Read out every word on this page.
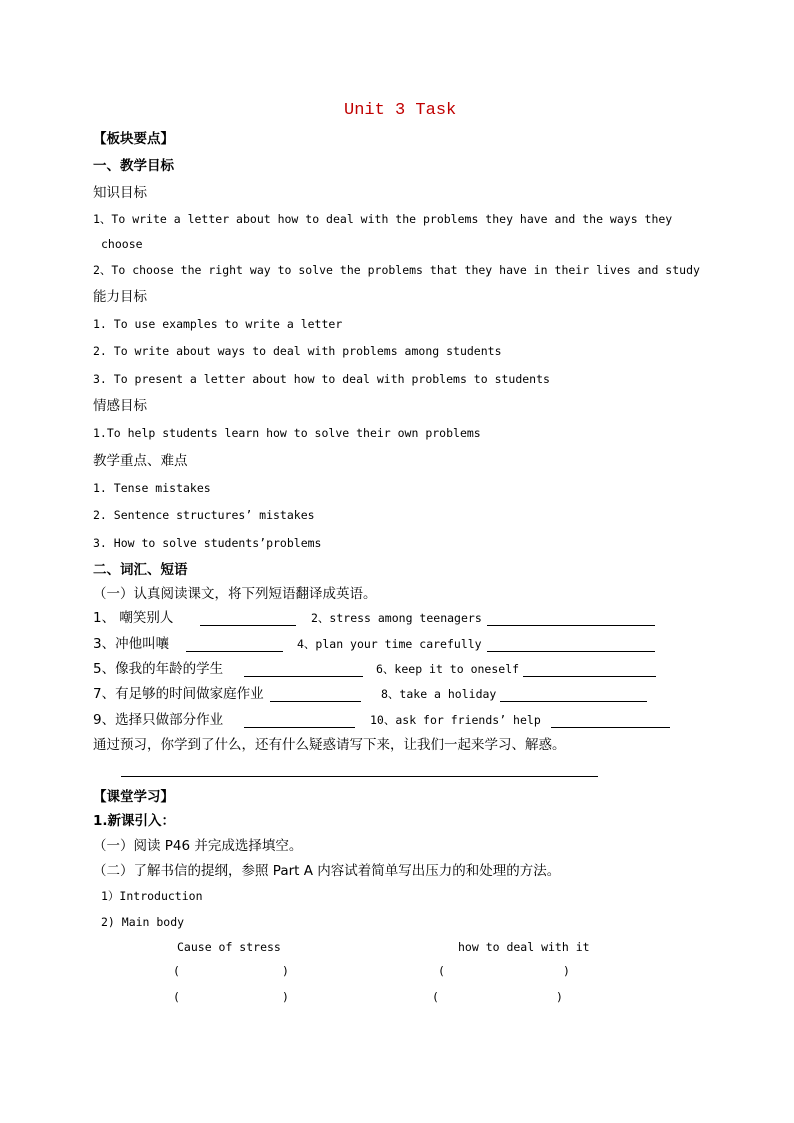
Unit 3 Task
【板块要点】
一、教学目标
知识目标
1、To write a letter about how to deal with the problems they have and the ways they
choose
2、To choose the right way to solve the problems that they have in their lives and study
能力目标
1. To use examples to write a letter
2. To write about ways to deal with problems among students
3. To present a letter about how to deal with problems to students
情感目标
1.To help students learn how to solve their own problems
教学重点、难点
1. Tense mistakes
2. Sentence structures’ mistakes
3. How to solve students’problems
二、词汇、短语
（一）认真阅读课文，将下列短语翻译成英语。
1、 嘲笑别人	2、stress among teenagers
3、冲他叫嚷	4、plan your time carefully
5、像我的年龄的学生	6、keep it to oneself
7、有足够的时间做家庭作业	8、take a holiday
9、选择只做部分作业	10、ask for friends’ help
通过预习，你学到了什么，还有什么疑惑请写下来，让我们一起来学习、解惑。
【课堂学习】
1.新课引入：
（一）阅读 P46 并完成选择填空。
（二）了解书信的提纲，参照 Part A 内容试着简单写出压力的和处理的方法。
1）Introduction
2) Main body
Cause of stress	how to deal with it
(	)	(	)
(	)	(	)
